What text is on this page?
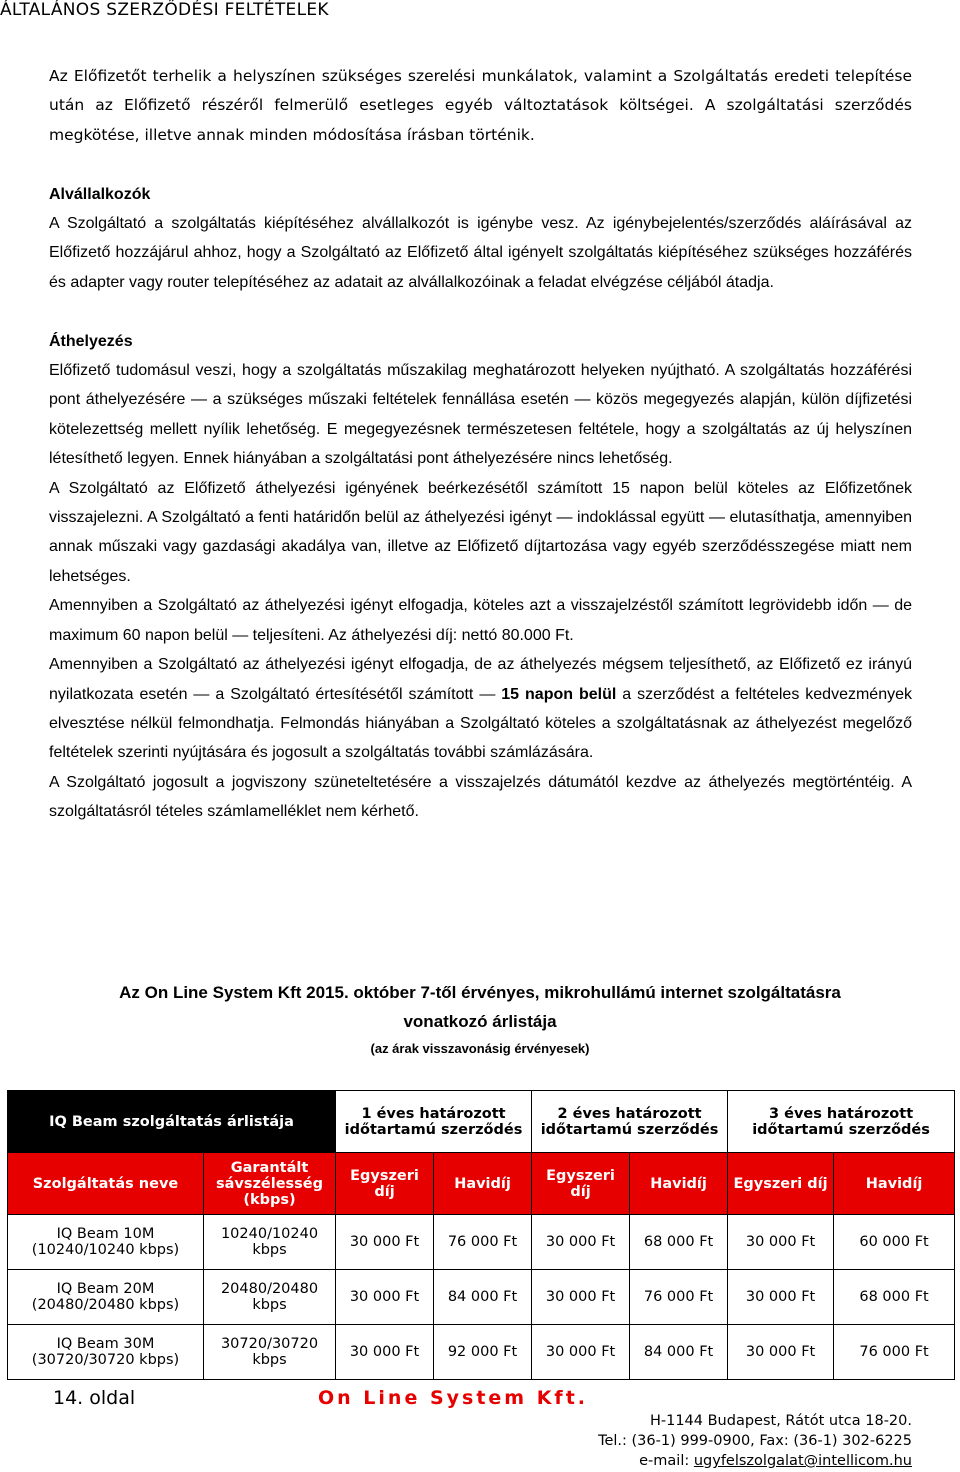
ÁLTALÁNOS SZERZŐDÉSI FELTÉTELEK

Az Előfizetőt terhelik a helyszínen szükséges szerelési munkálatok, valamint a Szolgáltatás eredeti telepítése után az Előfizető részéről felmerülő esetleges egyéb változtatások költségei. A szolgáltatási szerződés megkötése, illetve annak minden módosítása írásban történik.

Alvállalkozók

A Szolgáltató a szolgáltatás kiépítéséhez alvállalkozót is igénybe vesz. Az igénybejelentés/szerződés aláírásával az Előfizető hozzájárul ahhoz, hogy a Szolgáltató az Előfizető által igényelt szolgáltatás kiépítéséhez szükséges hozzáférés és adapter vagy router telepítéséhez az adatait az alvállalkozóinak a feladat elvégzése céljából átadja.

Áthelyezés

Előfizető tudomásul veszi, hogy a szolgáltatás műszakilag meghatározott helyeken nyújtható. A szolgáltatás hozzáférési pont áthelyezésére — a szükséges műszaki feltételek fennállása esetén — közös megegyezés alapján, külön díjfizetési kötelezettség mellett nyílik lehetőség. E megegyezésnek természetesen feltétele, hogy a szolgáltatás az új helyszínen létesíthető legyen. Ennek hiányában a szolgáltatási pont áthelyezésére nincs lehetőség.

A Szolgáltató az Előfizető áthelyezési igényének beérkezésétől számított 15 napon belül köteles az Előfizetőnek visszajelezni. A Szolgáltató a fenti határidőn belül az áthelyezési igényt — indoklással együtt — elutasíthatja, amennyiben annak műszaki vagy gazdasági akadálya van, illetve az Előfizető díjtartozása vagy egyéb szerződésszegése miatt nem lehetséges.

Amennyiben a Szolgáltató az áthelyezési igényt elfogadja, köteles azt a visszajelzéstől számított legrövidebb időn — de maximum 60 napon belül — teljesíteni. Az áthelyezési díj: nettó 80.000 Ft.

Amennyiben a Szolgáltató az áthelyezési igényt elfogadja, de az áthelyezés mégsem teljesíthető, az Előfizető ez irányú nyilatkozata esetén — a Szolgáltató értesítésétől számított — 15 napon belül a szerződést a feltételes kedvezmények elvesztése nélkül felmondhatja. Felmondás hiányában a Szolgáltató köteles a szolgáltatásnak az áthelyezést megelőző feltételek szerinti nyújtására és jogosult a szolgáltatás további számlázására.

A Szolgáltató jogosult a jogviszony szüneteltetésére a visszajelzés dátumától kezdve az áthelyezés megtörténtéig. A szolgáltatásról tételes számlamelléklet nem kérhető.

Az On Line System Kft 2015. október 7-től érvényes, mikrohullámú internet szolgáltatásra
vonatkozó árlistája
(az árak visszavonásig érvényesek)
IQ Beam szolgáltatás árlistája		1 éves határozott időtartamú szerződés		2 éves határozott időtartamú szerződés		3 éves határozott időtartamú szerződés	
Szolgáltatás neve	Garantált sávszélesség (kbps)	Egyszeri díj	Havidíj	Egyszeri díj	Havidíj	Egyszeri díj	Havidíj
IQ Beam 10M (10240/10240 kbps)	10240/10240 kbps	30 000 Ft	76 000 Ft	30 000 Ft	68 000 Ft	30 000 Ft	60 000 Ft
IQ Beam 20M (20480/20480 kbps)	20480/20480 kbps	30 000 Ft	84 000 Ft	30 000 Ft	76 000 Ft	30 000 Ft	68 000 Ft
IQ Beam 30M (30720/30720 kbps)	30720/30720 kbps	30 000 Ft	92 000 Ft	30 000 Ft	84 000 Ft	30 000 Ft	76 000 Ft
14. oldal	On Line System Kft.
H-1144 Budapest, Rátót utca 18-20.
Tel.: (36-1) 999-0900, Fax: (36-1) 302-6225
e-mail: ugyfelszolgalat@intellicom.hu
